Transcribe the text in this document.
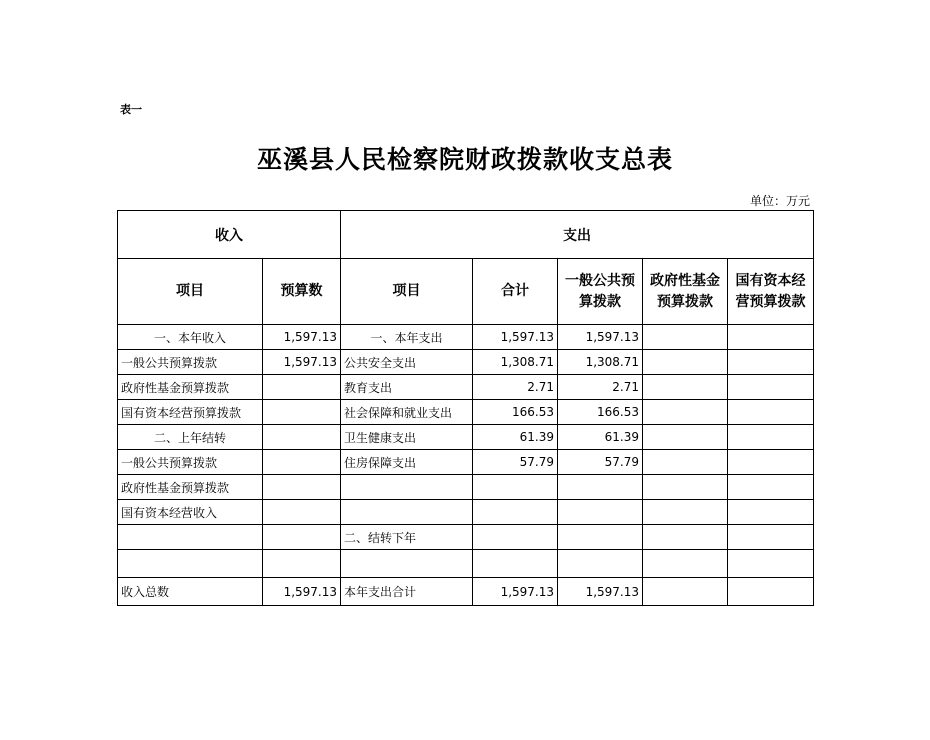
表一
巫溪县人民检察院财政拨款收支总表
单位：万元
收入		支出				
项目	预算数	项目	合计	一般公共预算拨款	政府性基金预算拨款	国有资本经营预算拨款
一、本年收入	1,597.13	一、本年支出	1,597.13	1,597.13		
一般公共预算拨款	1,597.13	公共安全支出	1,308.71	1,308.71		
政府性基金预算拨款		教育支出	2.71	2.71		
国有资本经营预算拨款		社会保障和就业支出	166.53	166.53		
二、上年结转		卫生健康支出	61.39	61.39		
一般公共预算拨款		住房保障支出	57.79	57.79		
政府性基金预算拨款						
国有资本经营收入						
		二、结转下年				

收入总数	1,597.13	本年支出合计	1,597.13	1,597.13		
